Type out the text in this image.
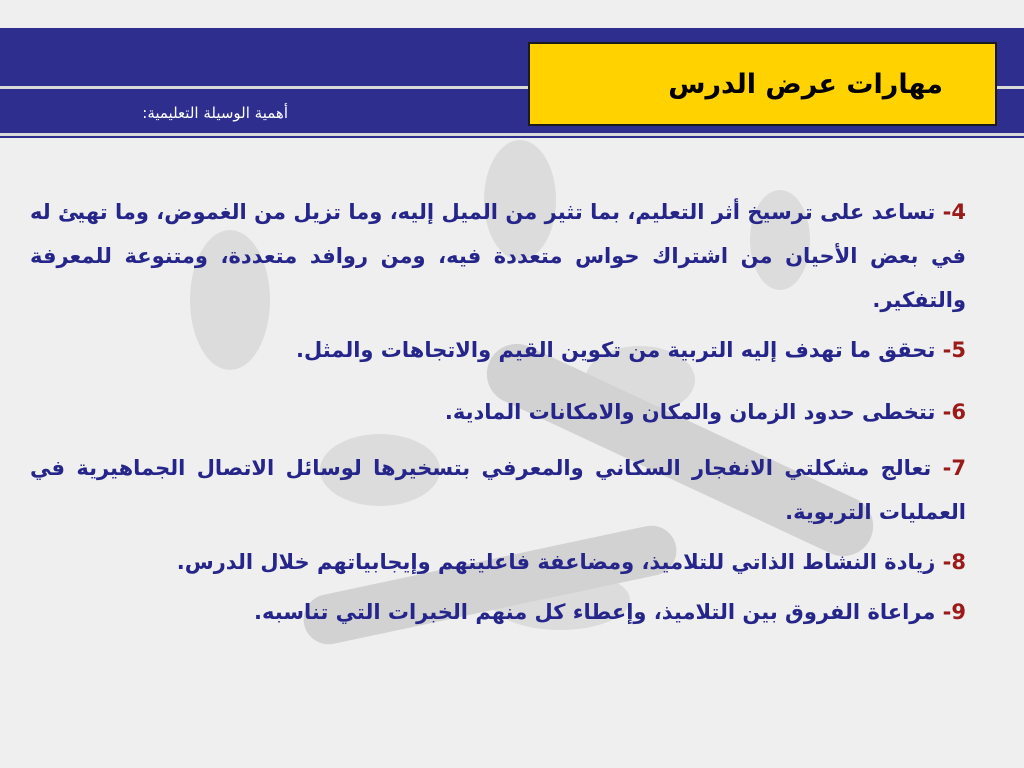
مهارات عرض الدرس
أهمية الوسيلة التعليمية:
4- تساعد على ترسيخ أثر التعليم، بما تثير من الميل إليه، وما تزيل من الغموض، وما تهيئ له في بعض الأحيان من اشتراك حواس متعددة فيه، ومن روافد متعددة، ومتنوعة للمعرفة والتفكير.
5- تحقق ما تهدف إليه التربية من تكوين القيم والاتجاهات والمثل.
6- تتخطى حدود الزمان والمكان والامكانات المادية.
7- تعالج مشكلتي الانفجار السكاني والمعرفي بتسخيرها لوسائل الاتصال الجماهيرية في العمليات التربوية.
8- زيادة النشاط الذاتي للتلاميذ، ومضاعفة فاعليتهم وإيجابياتهم خلال الدرس.
9- مراعاة الفروق بين التلاميذ، وإعطاء كل منهم الخبرات التي تناسبه.
